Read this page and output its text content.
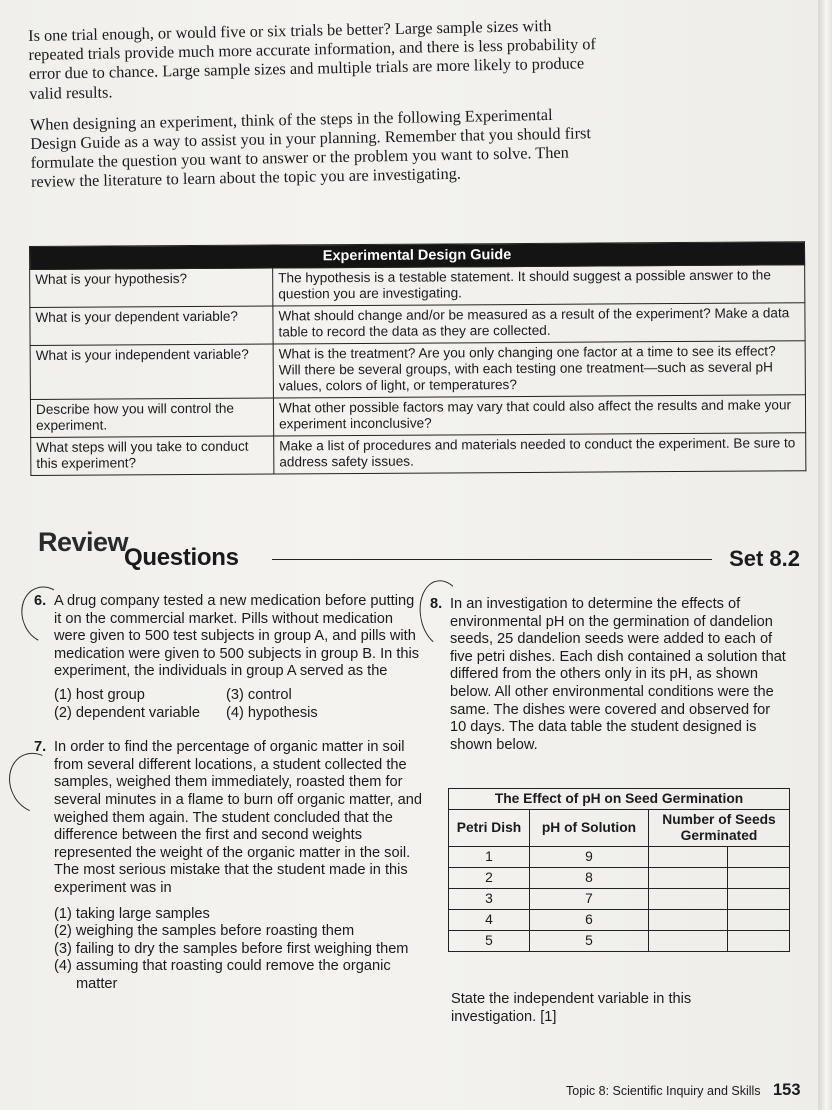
Is one trial enough, or would five or six trials be better? Large sample sizes with repeated trials provide much more accurate information, and there is less probability of error due to chance. Large sample sizes and multiple trials are more likely to produce valid results.

When designing an experiment, think of the steps in the following Experimental Design Guide as a way to assist you in your planning. Remember that you should first formulate the question you want to answer or the problem you want to solve. Then review the literature to learn about the topic you are investigating.

Experimental Design Guide	
What is your hypothesis?	The hypothesis is a testable statement. It should suggest a possible answer to the question you are investigating.
What is your dependent variable?	What should change and/or be measured as a result of the experiment? Make a data table to record the data as they are collected.
What is your independent variable?	What is the treatment? Are you only changing one factor at a time to see its effect? Will there be several groups, with each testing one treatment—such as several pH values, colors of light, or temperatures?
Describe how you will control the experiment.	What other possible factors may vary that could also affect the results and make your experiment inconclusive?
What steps will you take to conduct this experiment?	Make a list of procedures and materials needed to conduct the experiment. Be sure to address safety issues.
Review
Questions	Set 8.2
6. A drug company tested a new medication before putting it on the commercial market. Pills without medication were given to 500 test subjects in group A, and pills with medication were given to 500 subjects in group B. In this experiment, the individuals in group A served as the
(1) host group	(3) control
(2) dependent variable	(4) hypothesis
7. In order to find the percentage of organic matter in soil from several different locations, a student collected the samples, weighed them immediately, roasted them for several minutes in a flame to burn off organic matter, and weighed them again. The student concluded that the difference between the first and second weights represented the weight of the organic matter in the soil. The most serious mistake that the student made in this experiment was in
(1) taking large samples
(2) weighing the samples before roasting them
(3) failing to dry the samples before first weighing them
(4) assuming that roasting could remove the organic matter
8. In an investigation to determine the effects of environmental pH on the germination of dandelion seeds, 25 dandelion seeds were added to each of five petri dishes. Each dish contained a solution that differed from the others only in its pH, as shown below. All other environmental conditions were the same. The dishes were covered and observed for 10 days. The data table the student designed is shown below.
The Effect of pH on Seed Germination			
Petri Dish	pH of Solution	Number of Seeds Germinated	
1	9		
2	8		
3	7		
4	6		
5	5		
State the independent variable in this investigation. [1]
Topic 8: Scientific Inquiry and Skills 153
